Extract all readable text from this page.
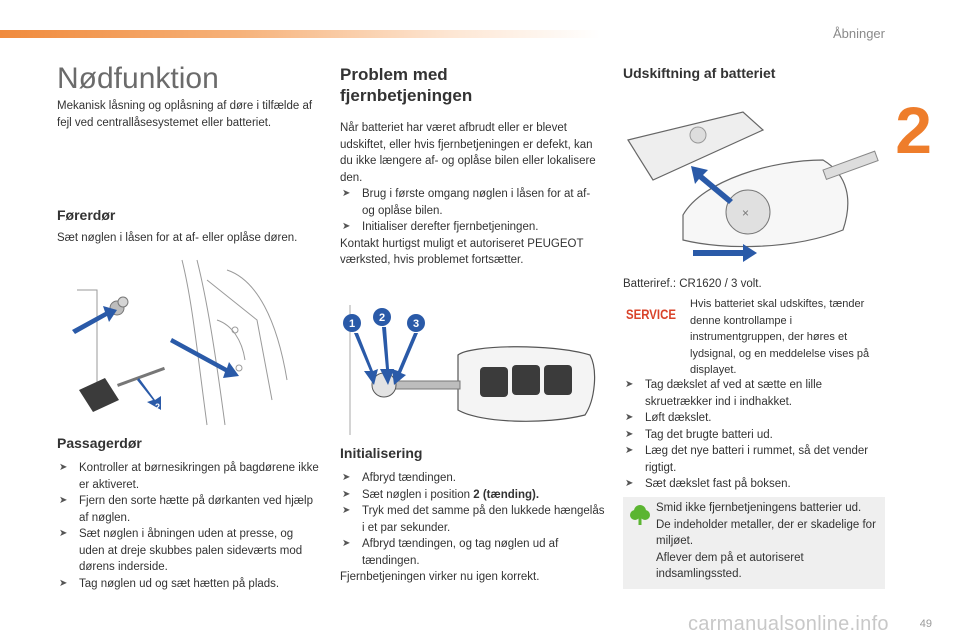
Åbninger
2
49
carmanualsonline.info
Nødfunktion

Mekanisk låsning og oplåsning af døre i tilfælde af fejl ved centrallåsesystemet eller batteriet.

Førerdør

Sæt nøglen i låsen for at af- eller oplåse døren.

2
Passagerdør
➤ Kontroller at børnesikringen på bagdørene ikke er aktiveret.
➤ Fjern den sorte hætte på dørkanten ved hjælp af nøglen.
➤ Sæt nøglen i åbningen uden at presse, og uden at dreje skubbes palen sideværts mod dørens inderside.
➤ Tag nøglen ud og sæt hætten på plads.
Problem med
fjernbetjeningen

Når batteriet har været afbrudt eller er blevet udskiftet, eller hvis fjernbetjeningen er defekt, kan du ikke længere af- og oplåse bilen eller lokalisere den.

➤ Brug i første omgang nøglen i låsen for at af- og oplåse bilen.
➤ Initialiser derefter fjernbetjeningen.

Kontakt hurtigst muligt et autoriseret PEUGEOT værksted, hvis problemet fortsætter.

1 2	3
Initialisering
➤ Afbryd tændingen.
➤ Sæt nøglen i position 2 (tænding).
➤ Tryk med det samme på den lukkede hængelås i et par sekunder.
➤ Afbryd tændingen, og tag nøglen ud af tændingen.

Fjernbetjeningen virker nu igen korrekt.

Udskiftning af batteriet
×
Batteriref.: CR1620 / 3 volt.
SERVICE
Hvis batteriet skal udskiftes, tænder denne kontrollampe i instrumentgruppen, der høres et lydsignal, og en meddelelse vises på displayet.
➤ Tag dækslet af ved at sætte en lille skruetrækker ind i indhakket.
➤ Løft dækslet.
➤ Tag det brugte batteri ud.
➤ Læg det nye batteri i rummet, så det vender rigtigt.
➤ Sæt dækslet fast på boksen.

Smid ikke fjernbetjeningens batterier ud. De indeholder metaller, der er skadelige for miljøet.

Aflever dem på et autoriseret indsamlingssted.
